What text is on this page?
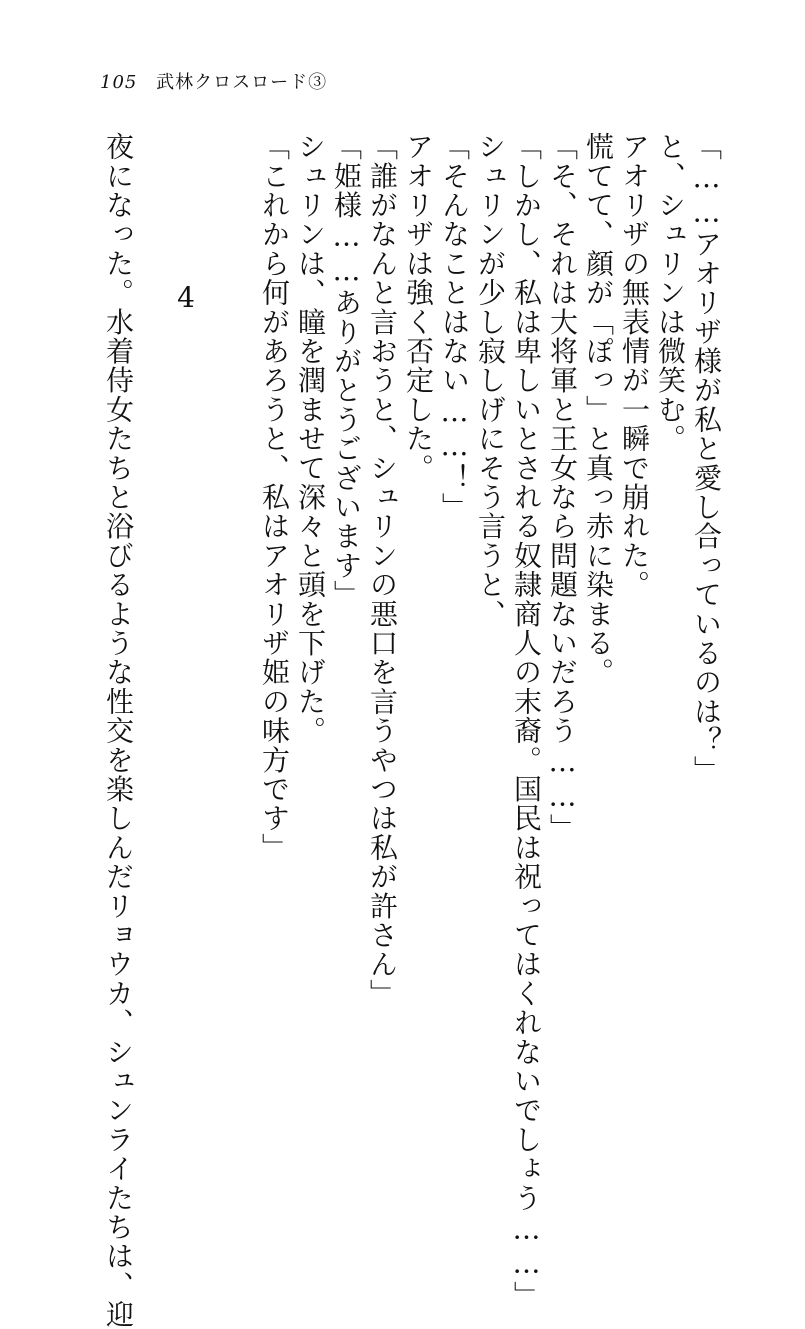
105 武林クロスロード③
「……アオリザ様が私と愛し合っているのは？」
と、シュリンは微笑む。
アオリザの無表情が一瞬で崩れた。
慌てて、顔が「ぽっ」と真っ赤に染まる。
「そ、それは大将軍と王女なら問題ないだろう……」
「しかし、私は卑しいとされる奴隷商人の末裔。国民は祝ってはくれないでしょう……」
シュリンが少し寂しげにそう言うと、
「そんなことはない……！」
アオリザは強く否定した。
「誰がなんと言おうと、シュリンの悪口を言うやつは私が許さん」
「姫様……ありがとうございます」
シュリンは、瞳を潤ませて深々と頭を下げた。
「これから何があろうと、私はアオリザ姫の味方です」
4
夜になった。水着侍女たちと浴びるような性交を楽しんだリョウカ、シュンライたちは、迎
